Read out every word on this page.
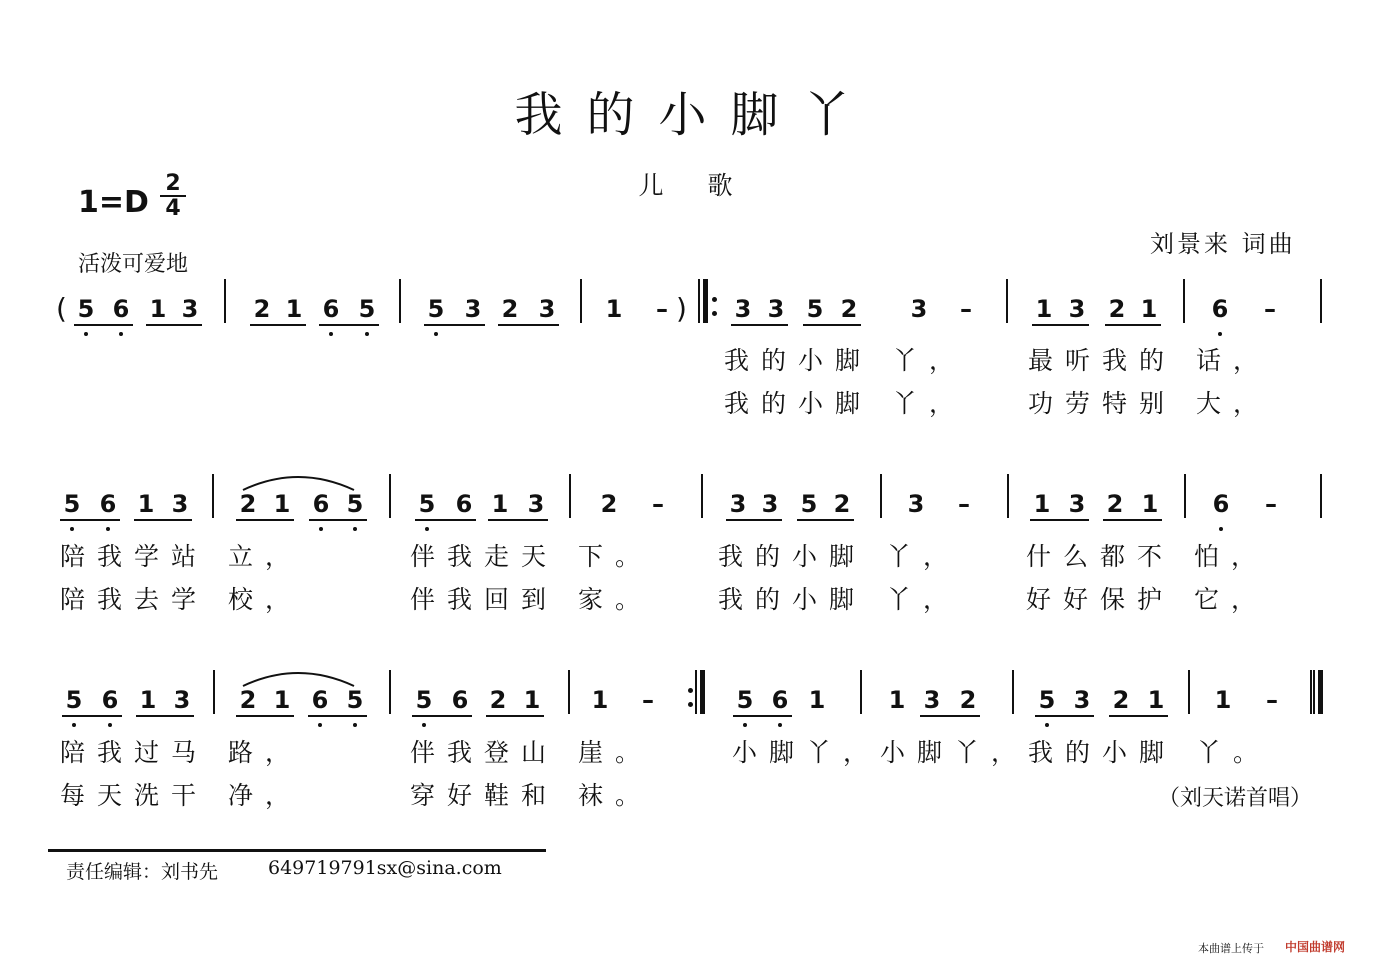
我的小脚丫
儿 歌
刘景来 词曲
$1=D \frac{2}{4}$
活泼可爱地
(	)
5 6 1 3 2 1 6 5 5 3 2 3 1	–	3 3 5 2 3	–	1 3 2 1 6	–
5 6 1 3 2 1 6 5 5 6 1 3 2	–	3 3 5 2 3	–	1 3 2 1 6	–
5 6 1 3 2 1 6 5 5 6 2 1 1	–	5 6 1	1 3 2	5 3 2 1 1	–
我的小脚 丫， 最听我的 话，
我的小脚 丫， 功劳特别 大，
陪我学站 立，	伴我走天 下。	我的小脚 丫，	什么都不 怕，
陪我去学 校，	伴我回到 家。	我的小脚 丫，	好好保护 它，
陪我过马 路，	伴我登山 崖。	小脚丫，小脚丫，我的小脚 丫。
每天洗干 净，	穿好鞋和 袜。	（刘天诺首唱）
责任编辑：刘书先	649719791sx@sina.com
本曲谱上传于 中国曲谱网
